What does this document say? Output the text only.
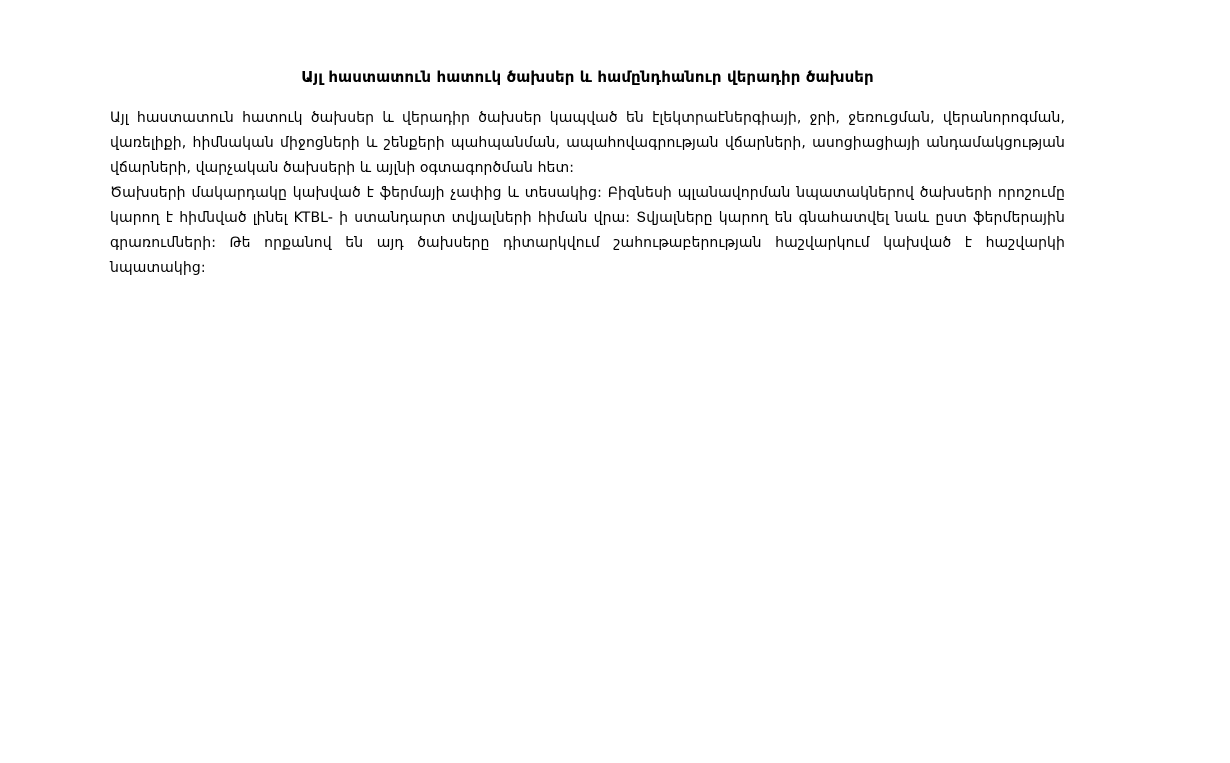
Այլ հաստատուն հատուկ ծախսեր և համընդհանուր վերադիր ծախսեր

Այլ հաստատուն հատուկ ծախսեր և վերադիր ծախսեր կապված են էլեկտրաէներգիայի, ջրի, ջեռուցման, վերանորոգման, վառելիքի, հիմնական միջոցների և շենքերի պահպանման, ապահովագրության վճարների, ասոցիացիայի անդամակցության վճարների, վարչական ծախսերի և այլնի օգտագործման հետ:

Ծախսերի մակարդակը կախված է ֆերմայի չափից և տեսակից: Բիզնեսի պլանավորման նպատակներով ծախսերի որոշումը կարող է հիմնված լինել KTBL- ի ստանդարտ տվյալների հիման վրա: Տվյալները կարող են գնահատվել նաև ըստ ֆերմերային գրառումների: Թե որքանով են այդ ծախսերը դիտարկվում շահութաբերության հաշվարկում կախված է հաշվարկի նպատակից:
